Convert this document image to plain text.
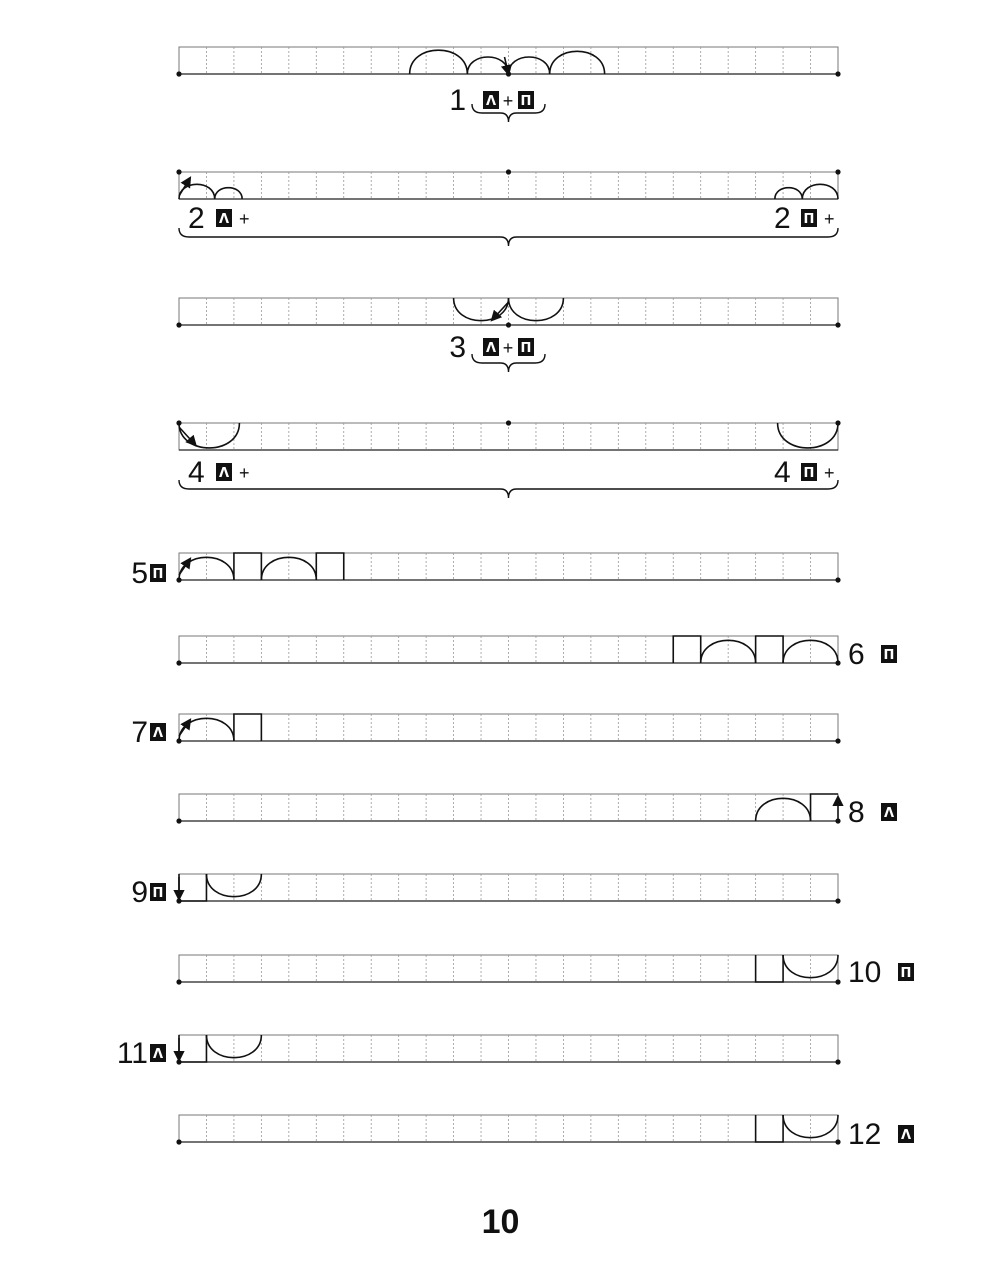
1 Λ + Π
3 Λ + Π
2 Λ +	2 Π +
4 Λ +	4 Π +
5 Π
6 Π
7 Λ
8 Λ
9 Π
10 Π
11 Λ
12 Λ
10
